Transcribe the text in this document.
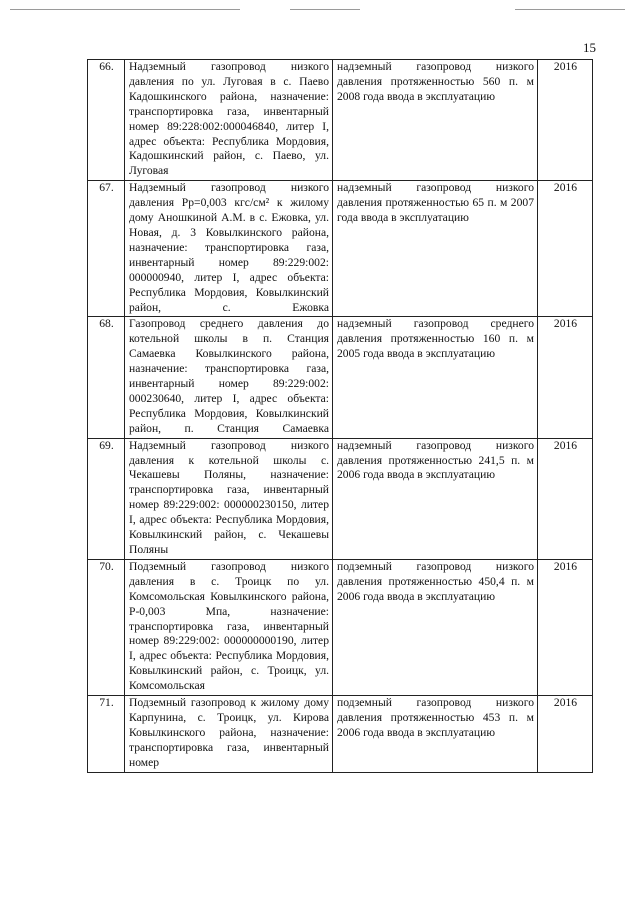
15
66.	Надземный газопровод низкого давления по ул. Луговая в с. Паево Кадошкинского района, назначение: транспортировка газа, инвентарный номер 89:228:002:000046840, литер I, адрес объекта: Республика Мордовия, Кадошкинский район, с. Паево, ул. Луговая	надземный газопровод низкого давления протяженностью 560 п. м 2008 года ввода в эксплуатацию	2016
67.	Надземный газопровод низкого давления Рр=0,003 кгс/см² к жилому дому Аношкиной А.М. в с. Ежовка, ул. Новая, д. 3 Ковылкинского района, назначение: транспортировка газа, инвентарный номер 89:229:002: 000000940, литер I, адрес объекта: Республика Мордовия, Ковылкинский район, с. Ежовка	надземный газопровод низкого давления протяженностью 65 п. м 2007 года ввода в эксплуатацию	2016
68.	Газопровод среднего давления до котельной школы в п. Станция Самаевка Ковылкинского района, назначение: транспортировка газа, инвентарный номер 89:229:002: 000230640, литер I, адрес объекта: Республика Мордовия, Ковылкинский район, п. Станция Самаевка	надземный газопровод среднего давления протяженностью 160 п. м 2005 года ввода в эксплуатацию	2016
69.	Надземный газопровод низкого давления к котельной школы с. Чекашевы Поляны, назначение: транспортировка газа, инвентарный номер 89:229:002: 000000230150, литер I, адрес объекта: Республика Мордовия, Ковылкинский район, с. Чекашевы Поляны	надземный газопровод низкого давления протяженностью 241,5 п. м 2006 года ввода в эксплуатацию	2016
70.	Подземный газопровод низкого давления в с. Троицк по ул. Комсомольская Ковылкинского района, Р-0,003 Мпа, назначение: транспортировка газа, инвентарный номер 89:229:002: 000000000190, литер I, адрес объекта: Республика Мордовия, Ковылкинский район, с. Троицк, ул. Комсомольская	подземный газопровод низкого давления протяженностью 450,4 п. м 2006 года ввода в эксплуатацию	2016
71.	Подземный газопровод к жилому дому Карпунина, с. Троицк, ул. Кирова Ковылкинского района, назначение: транспортировка газа, инвентарный номер	подземный газопровод низкого давления протяженностью 453 п. м 2006 года ввода в эксплуатацию	2016
